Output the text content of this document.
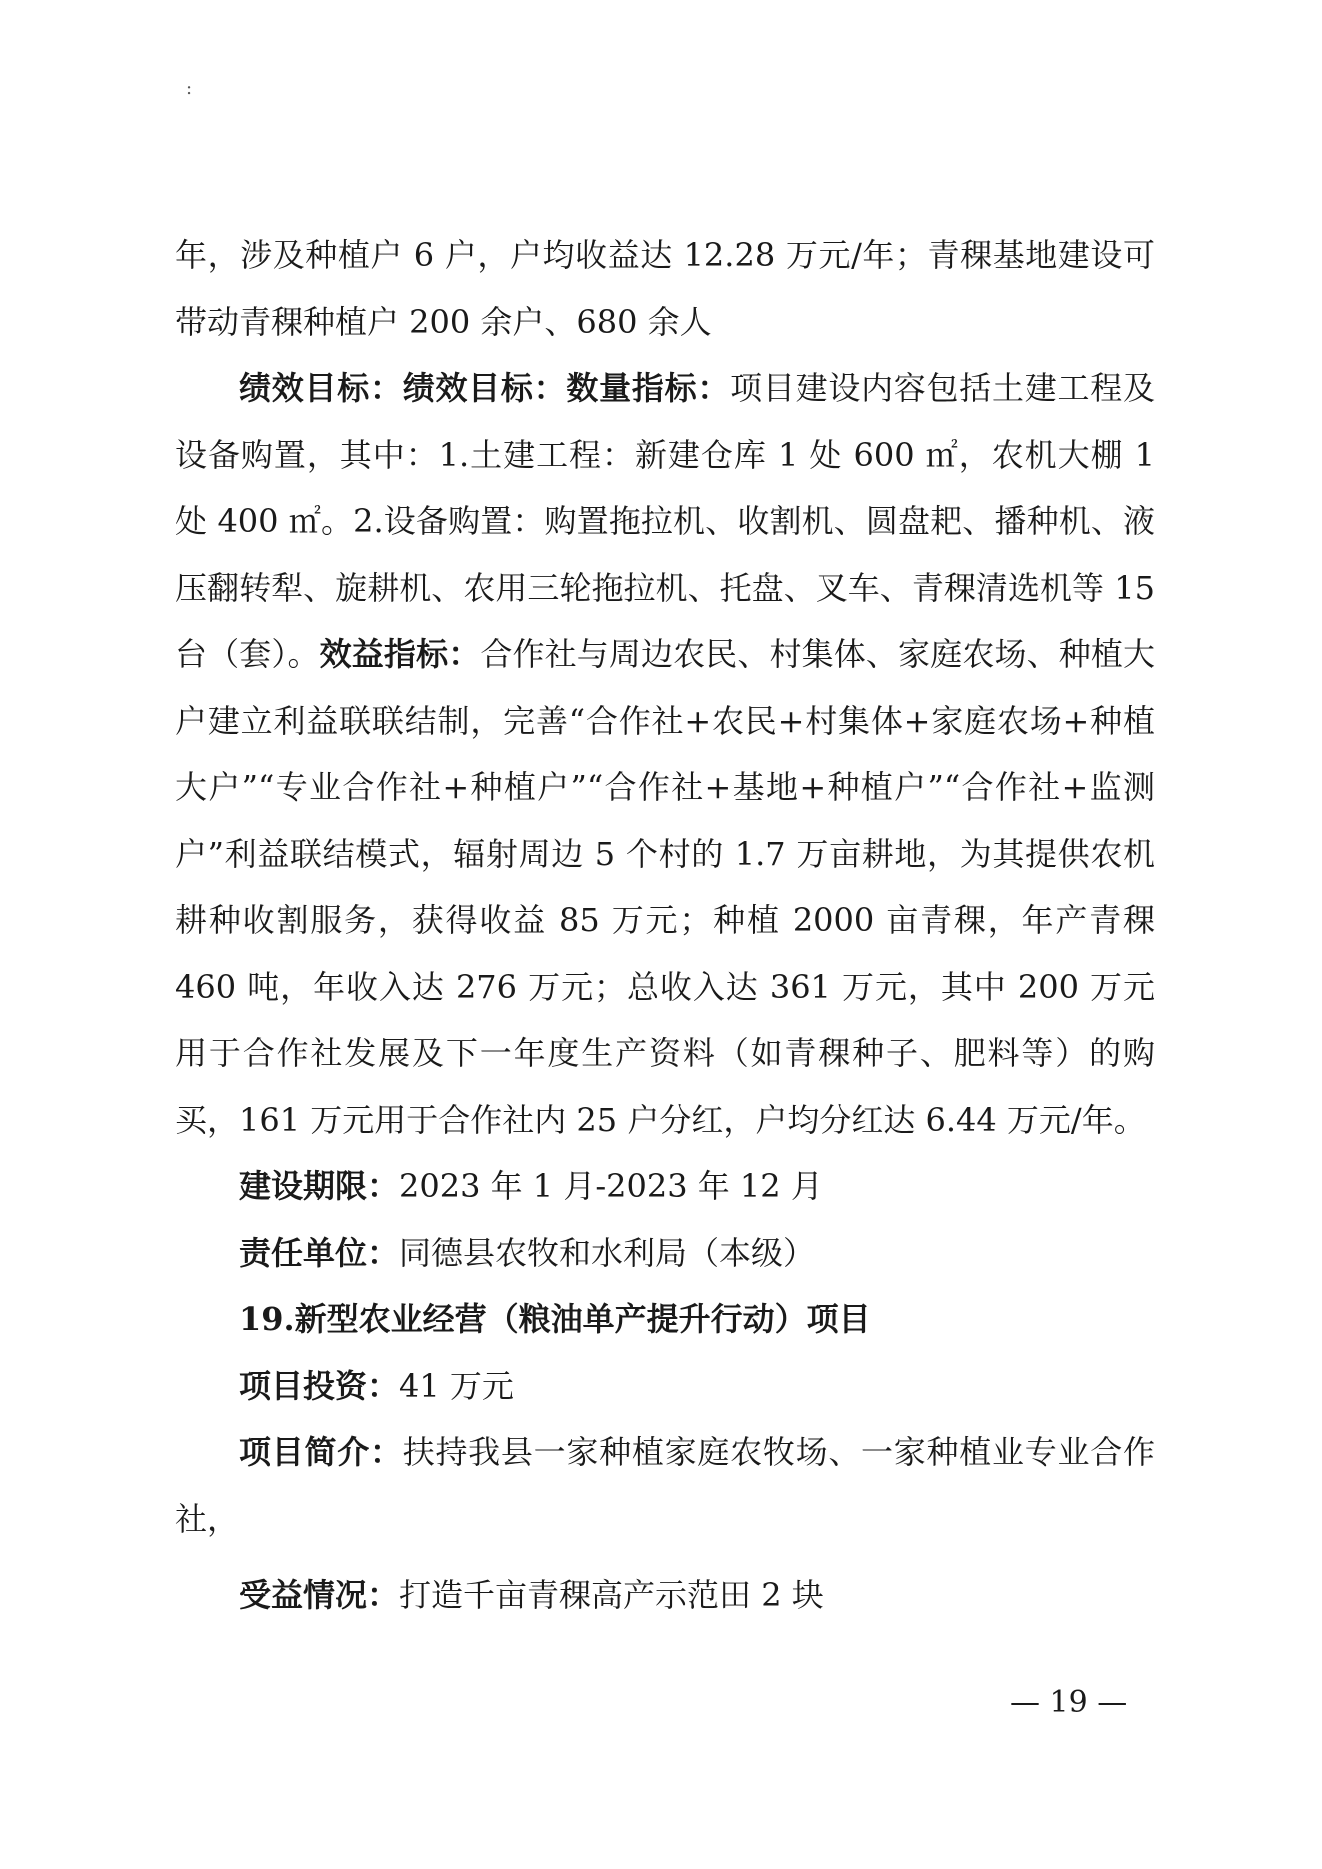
:

年，涉及种植户 6 户，户均收益达 12.28 万元/年；青稞基地建设可带动青稞种植户 200 余户、680 余人

绩效目标：绩效目标：数量指标：项目建设内容包括土建工程及设备购置，其中：1.土建工程：新建仓库 1 处 600 ㎡，农机大棚 1 处 400 ㎡。2.设备购置：购置拖拉机、收割机、圆盘耙、播种机、液压翻转犁、旋耕机、农用三轮拖拉机、托盘、叉车、青稞清选机等 15 台（套）。效益指标：合作社与周边农民、村集体、家庭农场、种植大户建立利益联联结制，完善“合作社+农民+村集体+家庭农场+种植大户”“专业合作社+种植户”“合作社+基地+种植户”“合作社+监测户”利益联结模式，辐射周边 5 个村的 1.7 万亩耕地，为其提供农机耕种收割服务，获得收益 85 万元；种植 2000 亩青稞，年产青稞 460 吨，年收入达 276 万元；总收入达 361 万元，其中 200 万元用于合作社发展及下一年度生产资料（如青稞种子、肥料等）的购买，161 万元用于合作社内 25 户分红，户均分红达 6.44 万元/年。

建设期限：2023 年 1 月-2023 年 12 月

责任单位：同德县农牧和水利局（本级）

19.新型农业经营（粮油单产提升行动）项目

项目投资：41 万元

项目简介：扶持我县一家种植家庭农牧场、一家种植业专业合作社，

受益情况：打造千亩青稞高产示范田 2 块

— 19 —
